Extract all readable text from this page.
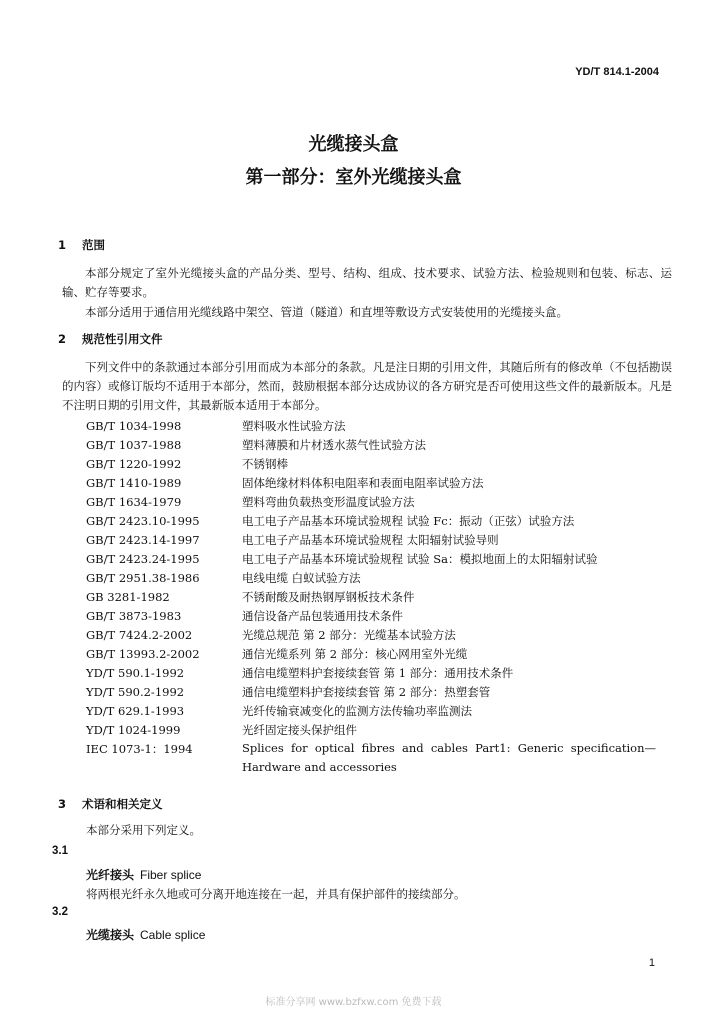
YD/T 814.1-2004
光缆接头盒
第一部分：室外光缆接头盒
1 范围
本部分规定了室外光缆接头盒的产品分类、型号、结构、组成、技术要求、试验方法、检验规则和包装、标志、运输、贮存等要求。
本部分适用于通信用光缆线路中架空、管道（隧道）和直埋等敷设方式安装使用的光缆接头盒。
2 规范性引用文件
下列文件中的条款通过本部分引用而成为本部分的条款。凡是注日期的引用文件，其随后所有的修改单（不包括勘误的内容）或修订版均不适用于本部分，然而，鼓励根据本部分达成协议的各方研究是否可使用这些文件的最新版本。凡是不注明日期的引用文件，其最新版本适用于本部分。
GB/T 1034-1998	塑料吸水性试验方法
GB/T 1037-1988	塑料薄膜和片材透水蒸气性试验方法
GB/T 1220-1992	不锈钢棒
GB/T 1410-1989	固体绝缘材料体积电阻率和表面电阻率试验方法
GB/T 1634-1979	塑料弯曲负载热变形温度试验方法
GB/T 2423.10-1995	电工电子产品基本环境试验规程 试验 Fc：振动（正弦）试验方法
GB/T 2423.14-1997	电工电子产品基本环境试验规程 太阳辐射试验导则
GB/T 2423.24-1995	电工电子产品基本环境试验规程 试验 Sa：模拟地面上的太阳辐射试验
GB/T 2951.38-1986	电线电缆 白蚁试验方法
GB 3281-1982	不锈耐酸及耐热钢厚钢板技术条件
GB/T 3873-1983	通信设备产品包装通用技术条件
GB/T 7424.2-2002	光缆总规范 第 2 部分：光缆基本试验方法
GB/T 13993.2-2002	通信光缆系列 第 2 部分：核心网用室外光缆
YD/T 590.1-1992	通信电缆塑料护套接续套管 第 1 部分：通用技术条件
YD/T 590.2-1992	通信电缆塑料护套接续套管 第 2 部分：热塑套管
YD/T 629.1-1993	光纤传输衰减变化的监测方法传输功率监测法
YD/T 1024-1999	光纤固定接头保护组件
IEC 1073-1：1994	Splices for optical fibres and cables Part1: Generic specification—
Hardware and accessories
3 术语和相关定义
本部分采用下列定义。
3.1
光纤接头 Fiber splice
将两根光纤永久地或可分离开地连接在一起，并具有保护部件的接续部分。
3.2
光缆接头 Cable splice
1
标准分享网 www.bzfxw.com 免费下载
